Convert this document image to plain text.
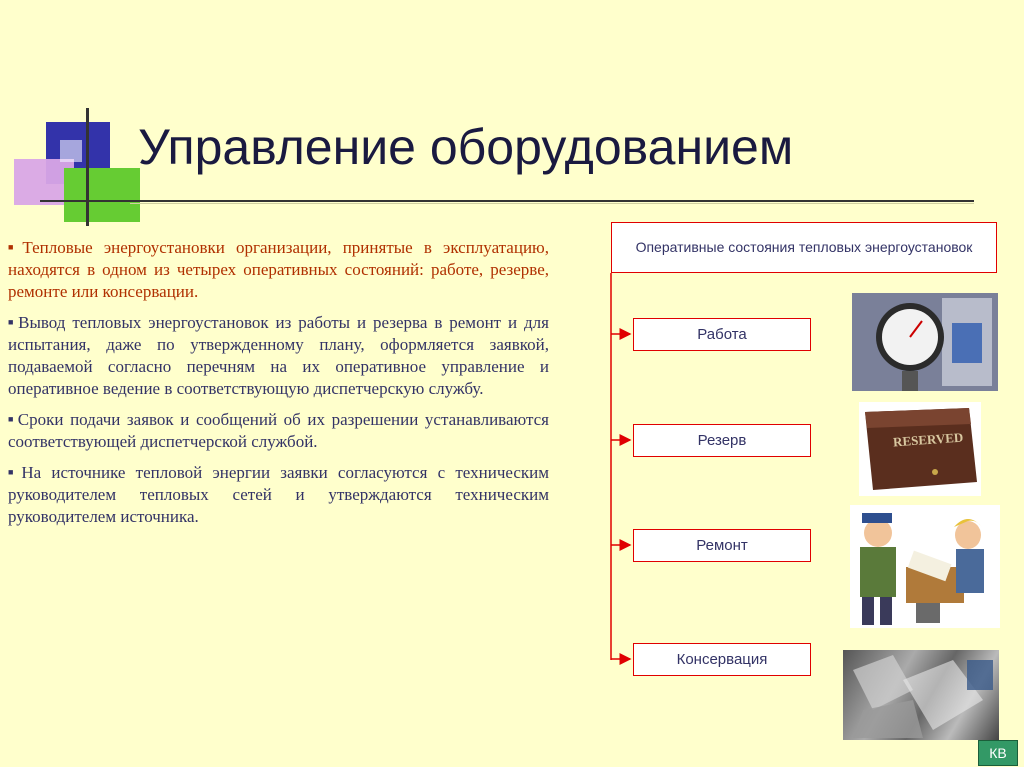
Управление оборудованием

■ Тепловые энергоустановки организации, принятые в эксплуатацию, находятся в одном из четырех оперативных состояний: работе, резерве, ремонте или консервации.

■ Вывод тепловых энергоустановок из работы и резерва в ремонт и для испытания, даже по утвержденному плану, оформляется заявкой, подаваемой согласно перечням на их оперативное управление и оперативное ведение в соответствующую диспетчерскую службу.

■ Сроки подачи заявок и сообщений об их разрешении устанавливаются соответствующей диспетчерской службой.

■ На источнике тепловой энергии заявки согласуются с техническим руководителем тепловых сетей и утверждаются техническим руководителем источника.

Оперативные состояния тепловых энергоустановок
Работа
Резерв
Ремонт
Консервация
RESERVED
КВ
